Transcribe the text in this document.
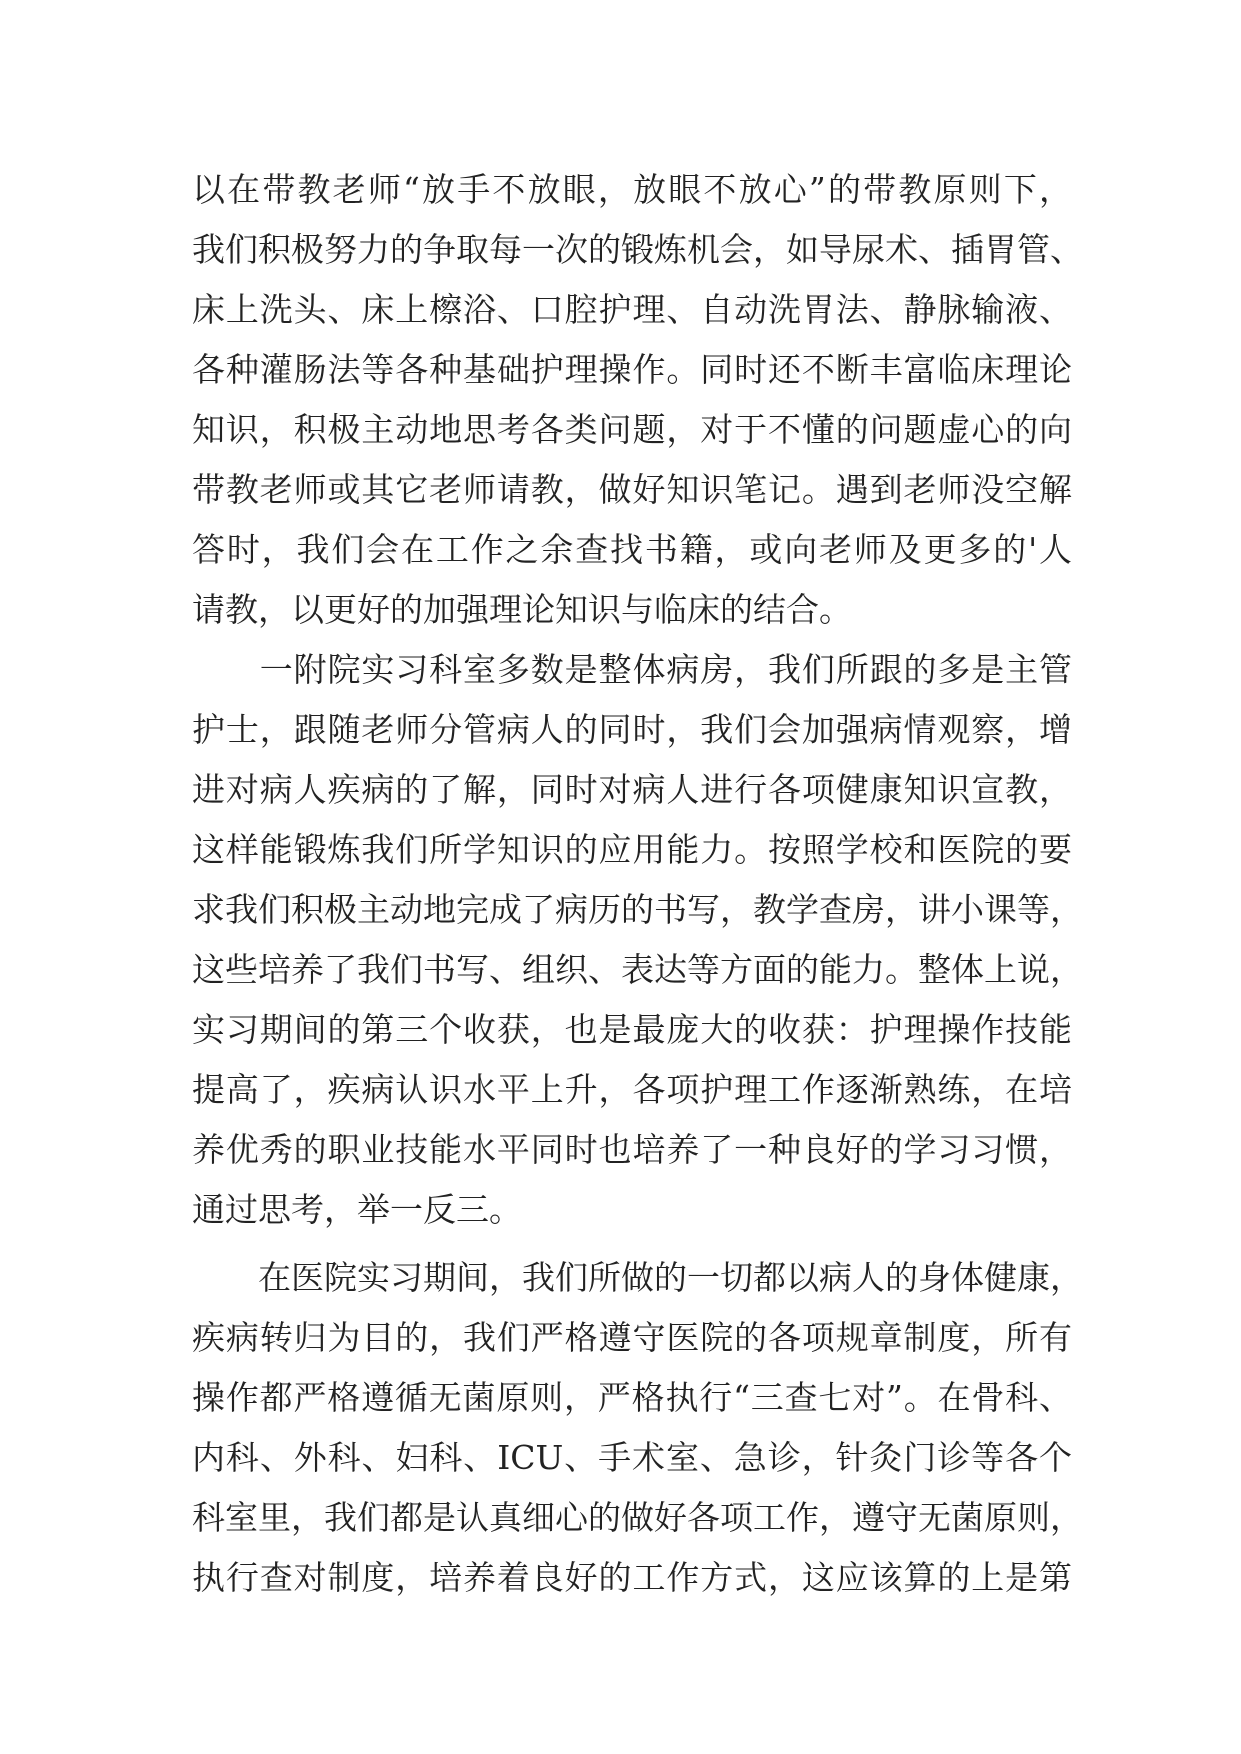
以在带教老师“放手不放眼，放眼不放心”的带教原则下，
我们积极努力的争取每一次的锻炼机会，如导尿术、插胃管、
床上洗头、床上檫浴、口腔护理、自动洗胃法、静脉输液、
各种灌肠法等各种基础护理操作。同时还不断丰富临床理论
知识，积极主动地思考各类问题，对于不懂的问题虚心的向
带教老师或其它老师请教，做好知识笔记。遇到老师没空解
答时，我们会在工作之余查找书籍，或向老师及更多的'人
请教，以更好的加强理论知识与临床的结合。
　　一附院实习科室多数是整体病房，我们所跟的多是主管
护士，跟随老师分管病人的同时，我们会加强病情观察，增
进对病人疾病的了解，同时对病人进行各项健康知识宣教，
这样能锻炼我们所学知识的应用能力。按照学校和医院的要
求我们积极主动地完成了病历的书写，教学查房，讲小课等，
这些培养了我们书写、组织、表达等方面的能力。整体上说，
实习期间的第三个收获，也是最庞大的收获：护理操作技能
提高了，疾病认识水平上升，各项护理工作逐渐熟练，在培
养优秀的职业技能水平同时也培养了一种良好的学习习惯，
通过思考，举一反三。
　　在医院实习期间，我们所做的一切都以病人的身体健康，
疾病转归为目的，我们严格遵守医院的各项规章制度，所有
操作都严格遵循无菌原则，严格执行“三查七对”。在骨科、
内科、外科、妇科、ICU、手术室、急诊，针灸门诊等各个
科室里，我们都是认真细心的做好各项工作，遵守无菌原则，
执行查对制度，培养着良好的工作方式，这应该算的上是第
